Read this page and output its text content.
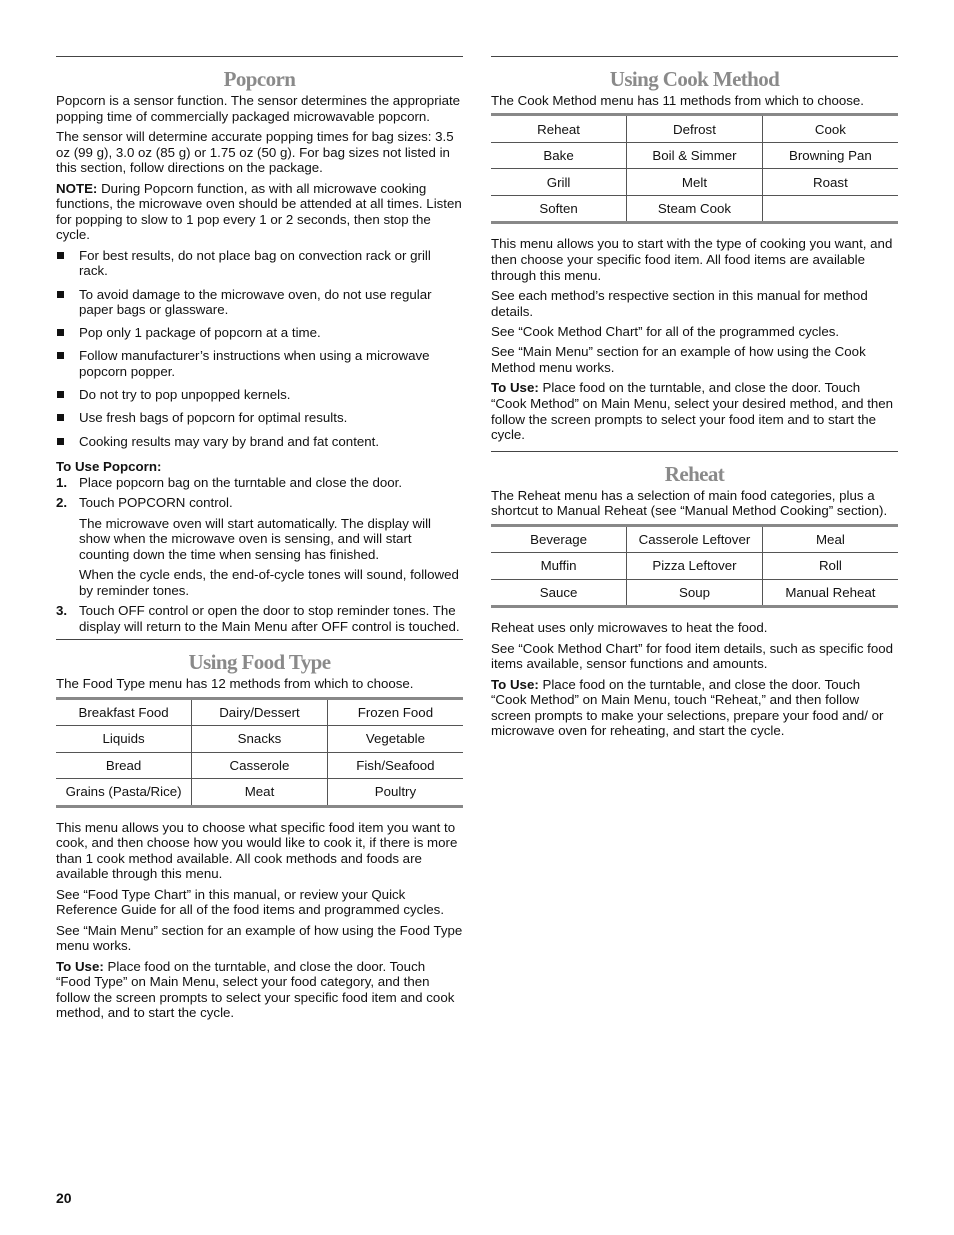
Popcorn

Popcorn is a sensor function. The sensor determines the appropriate popping time of commercially packaged microwavable popcorn.

The sensor will determine accurate popping times for bag sizes: 3.5 oz (99 g), 3.0 oz (85 g) or 1.75 oz (50 g). For bag sizes not listed in this section, follow directions on the package.

NOTE: During Popcorn function, as with all microwave cooking functions, the microwave oven should be attended at all times. Listen for popping to slow to 1 pop every 1 or 2 seconds, then stop the cycle.

For best results, do not place bag on convection rack or grill rack.
To avoid damage to the microwave oven, do not use regular paper bags or glassware.
Pop only 1 package of popcorn at a time.
Follow manufacturer’s instructions when using a microwave popcorn popper.
Do not try to pop unpopped kernels.
Use fresh bags of popcorn for optimal results.
Cooking results may vary by brand and fat content.
To Use Popcorn:
1. Place popcorn bag on the turntable and close the door.
2. Touch POPCORN control.

The microwave oven will start automatically. The display will show when the microwave oven is sensing, and will start counting down the time when sensing has finished.

When the cycle ends, the end-of-cycle tones will sound, followed by reminder tones.

3. Touch OFF control or open the door to stop reminder tones. The display will return to the Main Menu after OFF control is touched.
Using Food Type

The Food Type menu has 12 methods from which to choose.

Breakfast Food	Dairy/Dessert	Frozen Food
Liquids	Snacks	Vegetable
Bread	Casserole	Fish/Seafood
Grains (Pasta/Rice)	Meat	Poultry

This menu allows you to choose what specific food item you want to cook, and then choose how you would like to cook it, if there is more than 1 cook method available. All cook methods and foods are available through this menu.

See “Food Type Chart” in this manual, or review your Quick Reference Guide for all of the food items and programmed cycles.

See “Main Menu” section for an example of how using the Food Type menu works.

To Use: Place food on the turntable, and close the door. Touch “Food Type” on Main Menu, select your food category, and then follow the screen prompts to select your specific food item and cook method, and to start the cycle.

Using Cook Method

The Cook Method menu has 11 methods from which to choose.

Reheat	Defrost	Cook
Bake	Boil & Simmer	Browning Pan
Grill	Melt	Roast
Soften	Steam Cook	

This menu allows you to start with the type of cooking you want, and then choose your specific food item. All food items are available through this menu.

See each method’s respective section in this manual for method details.

See “Cook Method Chart” for all of the programmed cycles.

See “Main Menu” section for an example of how using the Cook Method menu works.

To Use: Place food on the turntable, and close the door. Touch “Cook Method” on Main Menu, select your desired method, and then follow the screen prompts to select your food item and to start the cycle.

Reheat

The Reheat menu has a selection of main food categories, plus a shortcut to Manual Reheat (see “Manual Method Cooking” section).

Beverage	Casserole Leftover	Meal
Muffin	Pizza Leftover	Roll
Sauce	Soup	Manual Reheat

Reheat uses only microwaves to heat the food.

See “Cook Method Chart” for food item details, such as specific food items available, sensor functions and amounts.

To Use: Place food on the turntable, and close the door. Touch “Cook Method” on Main Menu, touch “Reheat,” and then follow screen prompts to make your selections, prepare your food and/ or microwave oven for reheating, and start the cycle.

20
